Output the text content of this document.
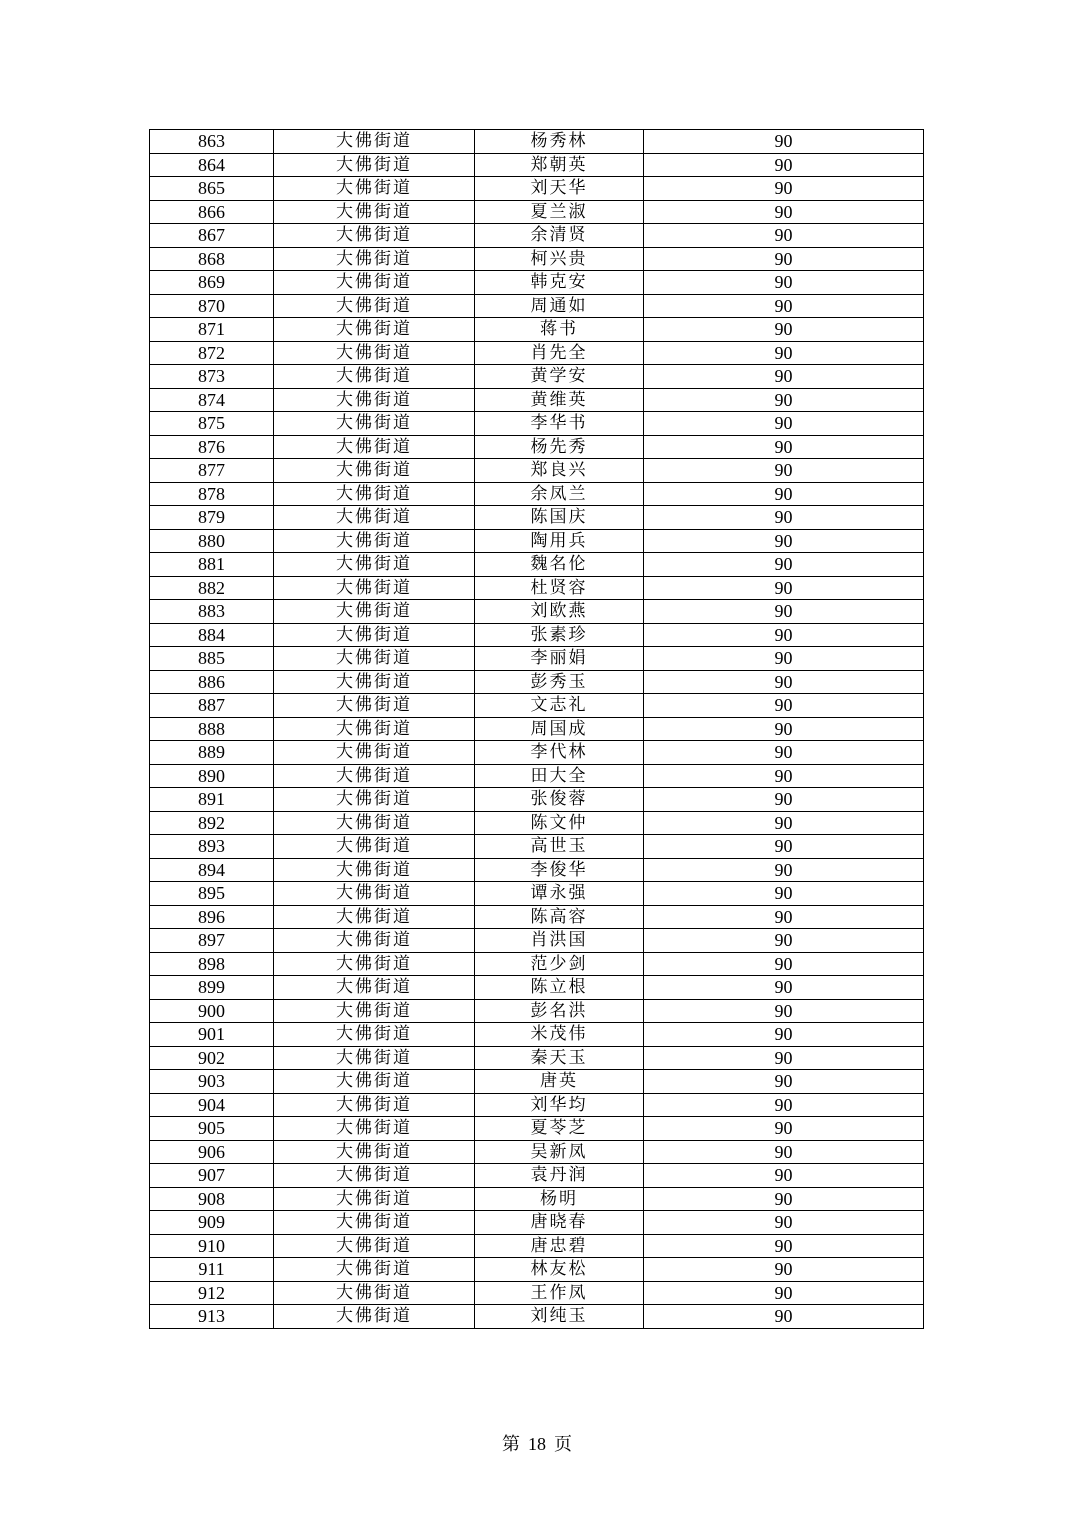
863	大佛街道	杨秀林	90
864	大佛街道	郑朝英	90
865	大佛街道	刘天华	90
866	大佛街道	夏兰淑	90
867	大佛街道	余清贤	90
868	大佛街道	柯兴贵	90
869	大佛街道	韩克安	90
870	大佛街道	周通如	90
871	大佛街道	蒋书	90
872	大佛街道	肖先全	90
873	大佛街道	黄学安	90
874	大佛街道	黄维英	90
875	大佛街道	李华书	90
876	大佛街道	杨先秀	90
877	大佛街道	郑良兴	90
878	大佛街道	余凤兰	90
879	大佛街道	陈国庆	90
880	大佛街道	陶用兵	90
881	大佛街道	魏名伦	90
882	大佛街道	杜贤容	90
883	大佛街道	刘欧燕	90
884	大佛街道	张素珍	90
885	大佛街道	李丽娟	90
886	大佛街道	彭秀玉	90
887	大佛街道	文志礼	90
888	大佛街道	周国成	90
889	大佛街道	李代林	90
890	大佛街道	田大全	90
891	大佛街道	张俊蓉	90
892	大佛街道	陈文仲	90
893	大佛街道	高世玉	90
894	大佛街道	李俊华	90
895	大佛街道	谭永强	90
896	大佛街道	陈高容	90
897	大佛街道	肖洪国	90
898	大佛街道	范少剑	90
899	大佛街道	陈立根	90
900	大佛街道	彭名洪	90
901	大佛街道	米茂伟	90
902	大佛街道	秦天玉	90
903	大佛街道	唐英	90
904	大佛街道	刘华均	90
905	大佛街道	夏苓芝	90
906	大佛街道	吴新凤	90
907	大佛街道	袁丹润	90
908	大佛街道	杨明	90
909	大佛街道	唐晓春	90
910	大佛街道	唐忠碧	90
911	大佛街道	林友松	90
912	大佛街道	王作凤	90
913	大佛街道	刘纯玉	90
第 18 页
